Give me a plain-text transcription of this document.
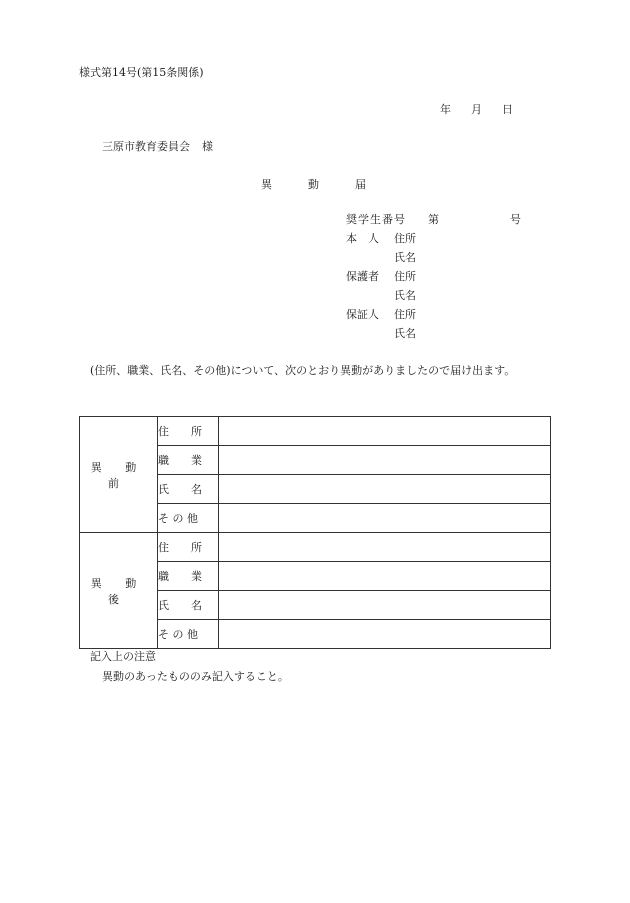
様式第14号(第15条関係)
年 月 日
三原市教育委員会 様
異	動	届
奨学生番号 第	号
本　人 住所
氏名
保護者 住所
氏名
保証人 住所
氏名
(住所、職業、氏名、その他)について、次のとおり異動がありましたので届け出ます。
異 動 前	住　　所	
	職　　業	
	氏　　名	
	そ の 他	
異 動 後	住　　所	
	職　　業	
	氏　　名	
	そ の 他	
記入上の注意
異動のあったもののみ記入すること。
